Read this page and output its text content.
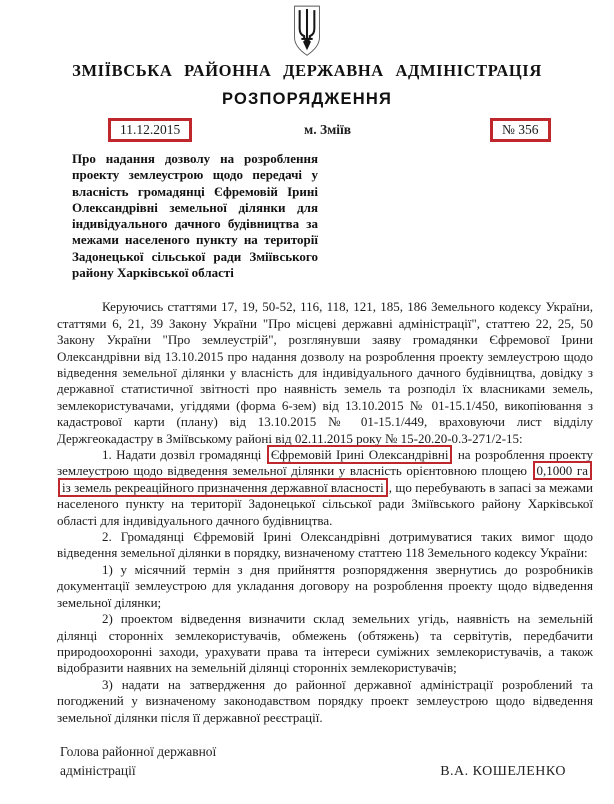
ЗМІЇВСЬКА РАЙОННА ДЕРЖАВНА АДМІНІСТРАЦІЯ
РОЗПОРЯДЖЕННЯ
11.12.2015	м. Зміїв	№ 356
Про надання дозволу на розроблення проекту землеустрою щодо передачі у власність громадянці Єфремовій Ірині Олександрівні земельної ділянки для індивідуального дачного будівництва за межами населеного пункту на території Задонецької сільської ради Зміївського району Харківської області

Керуючись статтями 17, 19, 50-52, 116, 118, 121, 185, 186 Земельного кодексу України, статтями 6, 21, 39 Закону України "Про місцеві державні адміністрації", статтею 22, 25, 50 Закону України "Про землеустрій", розглянувши заяву громадянки Єфремової Ірини Олександрівни від 13.10.2015 про надання дозволу на розроблення проекту землеустрою щодо відведення земельної ділянки у власність для індивідуального дачного будівництва, довідку з державної статистичної звітності про наявність земель та розподіл їх власниками земель, землекористувачами, угіддями (форма 6-зем) від 13.10.2015 № 01-15.1/450, викопіювання з кадастрової карти (плану) від 13.10.2015 № 01-15.1/449, враховуючи лист відділу Держгеокадастру в Зміївському районі від 02.11.2015 року № 15-20.20-0.3-271/2-15:

1. Надати дозвіл громадянці Єфремовій Ірині Олександрівні на розроблення проекту землеустрою щодо відведення земельної ділянки у власність орієнтовною площею 0,1000 га із земель рекреаційного призначення державної власності , що перебувають в запасі за межами населеного пункту на території Задонецької сільської ради Зміївського району Харківської області для індивідуального дачного будівництва.

2. Громадянці Єфремовій Ірині Олександрівні дотримуватися таких вимог щодо відведення земельної ділянки в порядку, визначеному статтею 118 Земельного кодексу України:

1) у місячний термін з дня прийняття розпорядження звернутись до розробників документації землеустрою для укладання договору на розроблення проекту щодо відведення земельної ділянки;

2) проектом відведення визначити склад земельних угідь, наявність на земельній ділянці сторонніх землекористувачів, обмежень (обтяжень) та сервітутів, передбачити природоохоронні заходи, урахувати права та інтереси суміжних землекористувачів, а також відобразити наявних на земельній ділянці сторонніх землекористувачів;

3) надати на затвердження до районної державної адміністрації розроблений та погоджений у визначеному законодавством порядку проект землеустрою щодо відведення земельної ділянки після її державної реєстрації.

Голова районної державної адміністрації	В.А. КОШЕЛЕНКО
